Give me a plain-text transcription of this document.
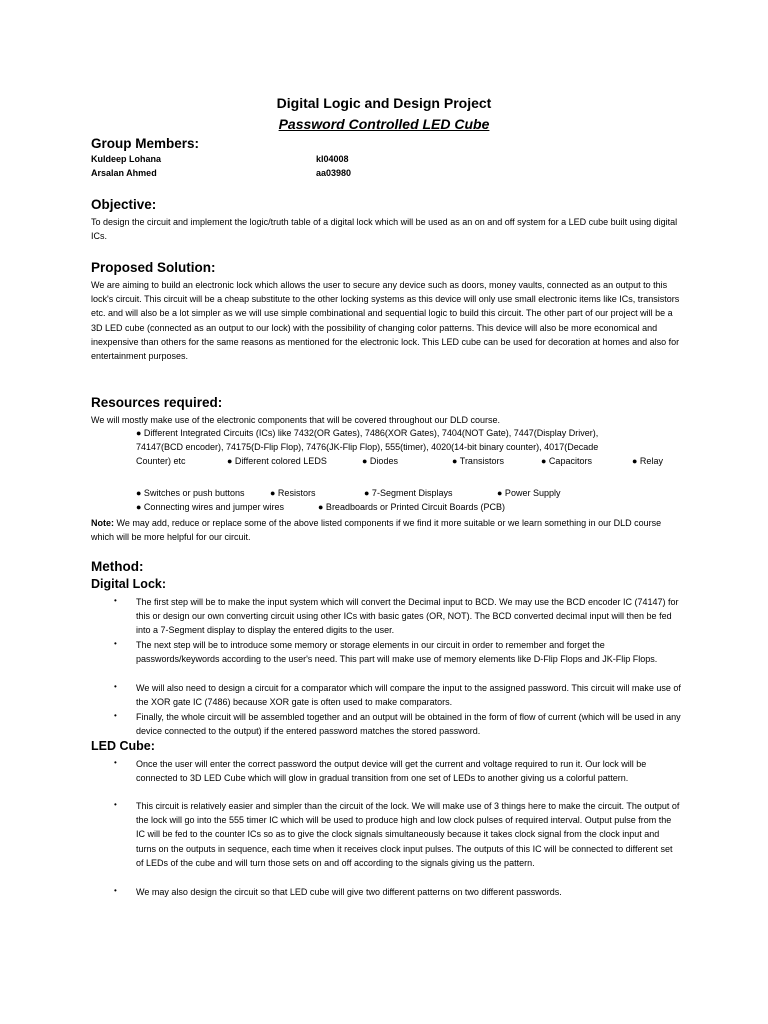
Digital Logic and Design Project
Password Controlled LED Cube
Group Members:
Kuldeep Lohana	kl04008
Arsalan Ahmed	aa03980
Objective:

To design the circuit and implement the logic/truth table of a digital lock which will be used as an on and off system for a LED cube built using digital ICs.

Proposed Solution:

We are aiming to build an electronic lock which allows the user to secure any device such as doors, money vaults, connected as an output to this lock's circuit. This circuit will be a cheap substitute to the other locking systems as this device will only use small electronic items like ICs, transistors etc. and will also be a lot simpler as we will use simple combinational and sequential logic to build this circuit. The other part of our project will be a 3D LED cube (connected as an output to our lock) with the possibility of changing color patterns. This device will also be more economical and inexpensive than others for the same reasons as mentioned for the electronic lock. This LED cube can be used for decoration at homes and also for entertainment purposes.

Resources required:

We will mostly make use of the electronic components that will be covered throughout our DLD course.

● Different Integrated Circuits (ICs) like 7432(OR Gates), 7486(XOR Gates), 7404(NOT Gate), 7447(Display Driver),
74147(BCD encoder), 74175(D-Flip Flop), 7476(JK-Flip Flop), 555(timer), 4020(14-bit binary counter), 4017(Decade
Counter) etc	● Different colored LEDS	● Diodes	● Transistors	● Capacitors	● Relay
● Switches or push buttons	● Resistors	● 7-Segment Displays	● Power Supply
● Connecting wires and jumper wires	● Breadboards or Printed Circuit Boards (PCB)

Note: We may add, reduce or replace some of the above listed components if we find it more suitable or we learn something in our DLD course which will be more helpful for our circuit.

Method:
Digital Lock:
• The first step will be to make the input system which will convert the Decimal input to BCD. We may use the BCD encoder IC (74147) for this or design our own converting circuit using other ICs with basic gates (OR, NOT). The BCD converted decimal input will then be fed into a 7-Segment display to display the entered digits to the user.

• The next step will be to introduce some memory or storage elements in our circuit in order to remember and forget the passwords/keywords according to the user's need. This part will make use of memory elements like D-Flip Flops and JK-Flip Flops.

• We will also need to design a circuit for a comparator which will compare the input to the assigned password. This circuit will make use of the XOR gate IC (7486) because XOR gate is often used to make comparators.

• Finally, the whole circuit will be assembled together and an output will be obtained in the form of flow of current (which will be used in any device connected to the output) if the entered password matches the stored password.

LED Cube:
• Once the user will enter the correct password the output device will get the current and voltage required to run it. Our lock will be connected to 3D LED Cube which will glow in gradual transition from one set of LEDs to another giving us a colorful pattern.

• This circuit is relatively easier and simpler than the circuit of the lock. We will make use of 3 things here to make the circuit. The output of the lock will go into the 555 timer IC which will be used to produce high and low clock pulses of required interval. Output pulse from the IC will be fed to the counter ICs so as to give the clock signals simultaneously because it takes clock signal from the clock input and turns on the outputs in sequence, each time when it receives clock input pulses. The outputs of this IC will be connected to different set of LEDs of the cube and will turn those sets on and off according to the signals giving us the pattern.

• We may also design the circuit so that LED cube will give two different patterns on two different passwords.
